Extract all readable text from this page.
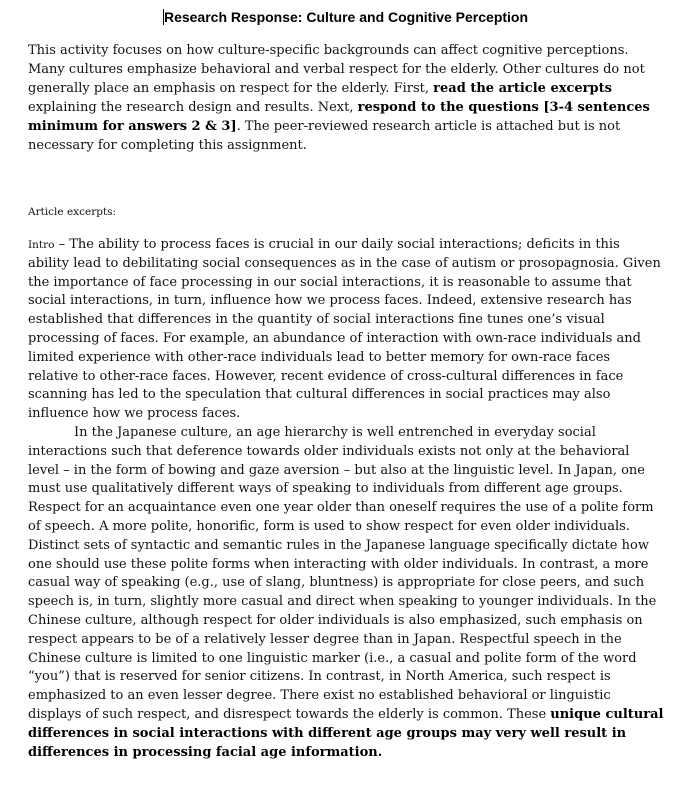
Research Response: Culture and Cognitive Perception
This activity focuses on how culture-specific backgrounds can affect cognitive perceptions. Many cultures emphasize behavioral and verbal respect for the elderly. Other cultures do not generally place an emphasis on respect for the elderly. First, read the article excerpts explaining the research design and results. Next, respond to the questions [3-4 sentences minimum for answers 2 & 3]. The peer-reviewed research article is attached but is not necessary for completing this assignment.
Article excerpts:

Intro – The ability to process faces is crucial in our daily social interactions; deficits in this ability lead to debilitating social consequences as in the case of autism or prosopagnosia. Given the importance of face processing in our social interactions, it is reasonable to assume that social interactions, in turn, influence how we process faces. Indeed, extensive research has established that differences in the quantity of social interactions fine tunes one’s visual processing of faces. For example, an abundance of interaction with own-race individuals and limited experience with other-race individuals lead to better memory for own-race faces relative to other-race faces. However, recent evidence of cross-cultural differences in face scanning has led to the speculation that cultural differences in social practices may also influence how we process faces.

In the Japanese culture, an age hierarchy is well entrenched in everyday social interactions such that deference towards older individuals exists not only at the behavioral level – in the form of bowing and gaze aversion – but also at the linguistic level. In Japan, one must use qualitatively different ways of speaking to individuals from different age groups. Respect for an acquaintance even one year older than oneself requires the use of a polite form of speech. A more polite, honorific, form is used to show respect for even older individuals. Distinct sets of syntactic and semantic rules in the Japanese language specifically dictate how one should use these polite forms when interacting with older individuals. In contrast, a more casual way of speaking (e.g., use of slang, bluntness) is appropriate for close peers, and such speech is, in turn, slightly more casual and direct when speaking to younger individuals. In the Chinese culture, although respect for older individuals is also emphasized, such emphasis on respect appears to be of a relatively lesser degree than in Japan. Respectful speech in the Chinese culture is limited to one linguistic marker (i.e., a casual and polite form of the word “you”) that is reserved for senior citizens. In contrast, in North America, such respect is emphasized to an even lesser degree. There exist no established behavioral or linguistic displays of such respect, and disrespect towards the elderly is common. These unique cultural differences in social interactions with different age groups may very well result in differences in processing facial age information.
